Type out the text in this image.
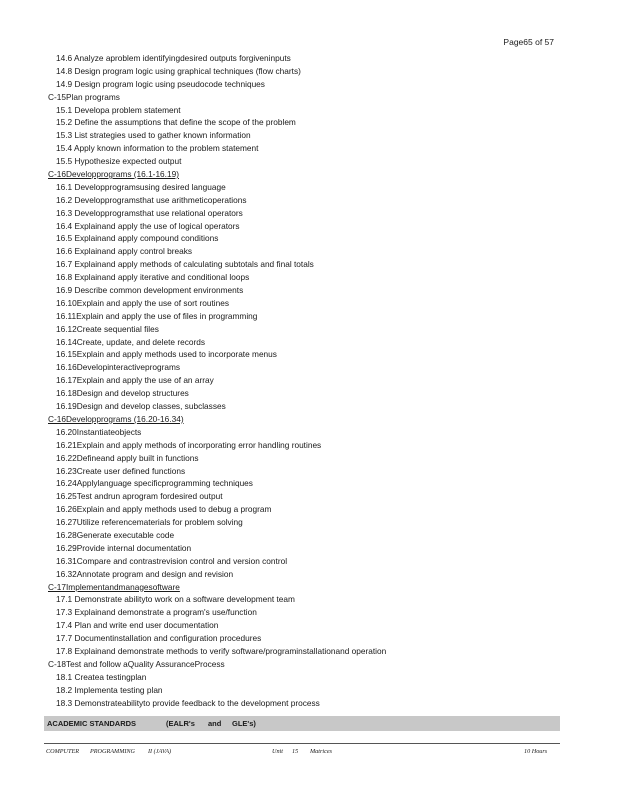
Page65 of 57
14.6 Analyze aproblem identifyingdesired outputs forgiveninputs
14.8 Design program logic using graphical techniques (flow charts)
14.9 Design program logic using pseudocode techniques
C-15Plan programs
15.1 Developa problem statement
15.2 Define the assumptions that define the scope of the problem
15.3 List strategies used to gather known information
15.4 Apply known information to the problem statement
15.5 Hypothesize expected output
C-16Developprograms (16.1-16.19)
16.1 Developprogramsusing desired language
16.2 Developprogramsthat use arithmeticoperations
16.3 Developprogramsthat use relational operators
16.4 Explainand apply the use of logical operators
16.5 Explainand apply compound conditions
16.6 Explainand apply control breaks
16.7 Explainand apply methods of calculating subtotals and final totals
16.8 Explainand apply iterative and conditional loops
16.9 Describe common development environments
16.10Explain and apply the use of sort routines
16.11Explain and apply the use of files in programming
16.12Create sequential files
16.14Create, update, and delete records
16.15Explain and apply methods used to incorporate menus
16.16Developinteractiveprograms
16.17Explain and apply the use of an array
16.18Design and develop structures
16.19Design and develop classes, subclasses
C-16Developprograms (16.20-16.34)
16.20Instantiateobjects
16.21Explain and apply methods of incorporating error handling routines
16.22Defineand apply built in functions
16.23Create user defined functions
16.24Applylanguage specificprogramming techniques
16.25Test andrun aprogram fordesired output
16.26Explain and apply methods used to debug a program
16.27Utilize referencematerials for problem solving
16.28Generate executable code
16.29Provide internal documentation
16.31Compare and contrastrevision control and version control
16.32Annotate program and design and revision
C-17Implementandmanagesoftware
17.1 Demonstrate abilityto work on a software development team
17.3 Explainand demonstrate a program's use/function
17.4 Plan and write end user documentation
17.7 Documentinstallation and configuration procedures
17.8 Explainand demonstrate methods to verify software/programinstallationand operation
C-18Test and follow aQuality AssuranceProcess
18.1 Createa testingplan
18.2 Implementa testing plan
18.3 Demonstrateabilityto provide feedback to the development process
ACADEMIC STANDARDS	(EALR's and GLE's)
COMPUTER PROGRAMMING II (JAVA)	Unit 15 Matrices	10 Hours
